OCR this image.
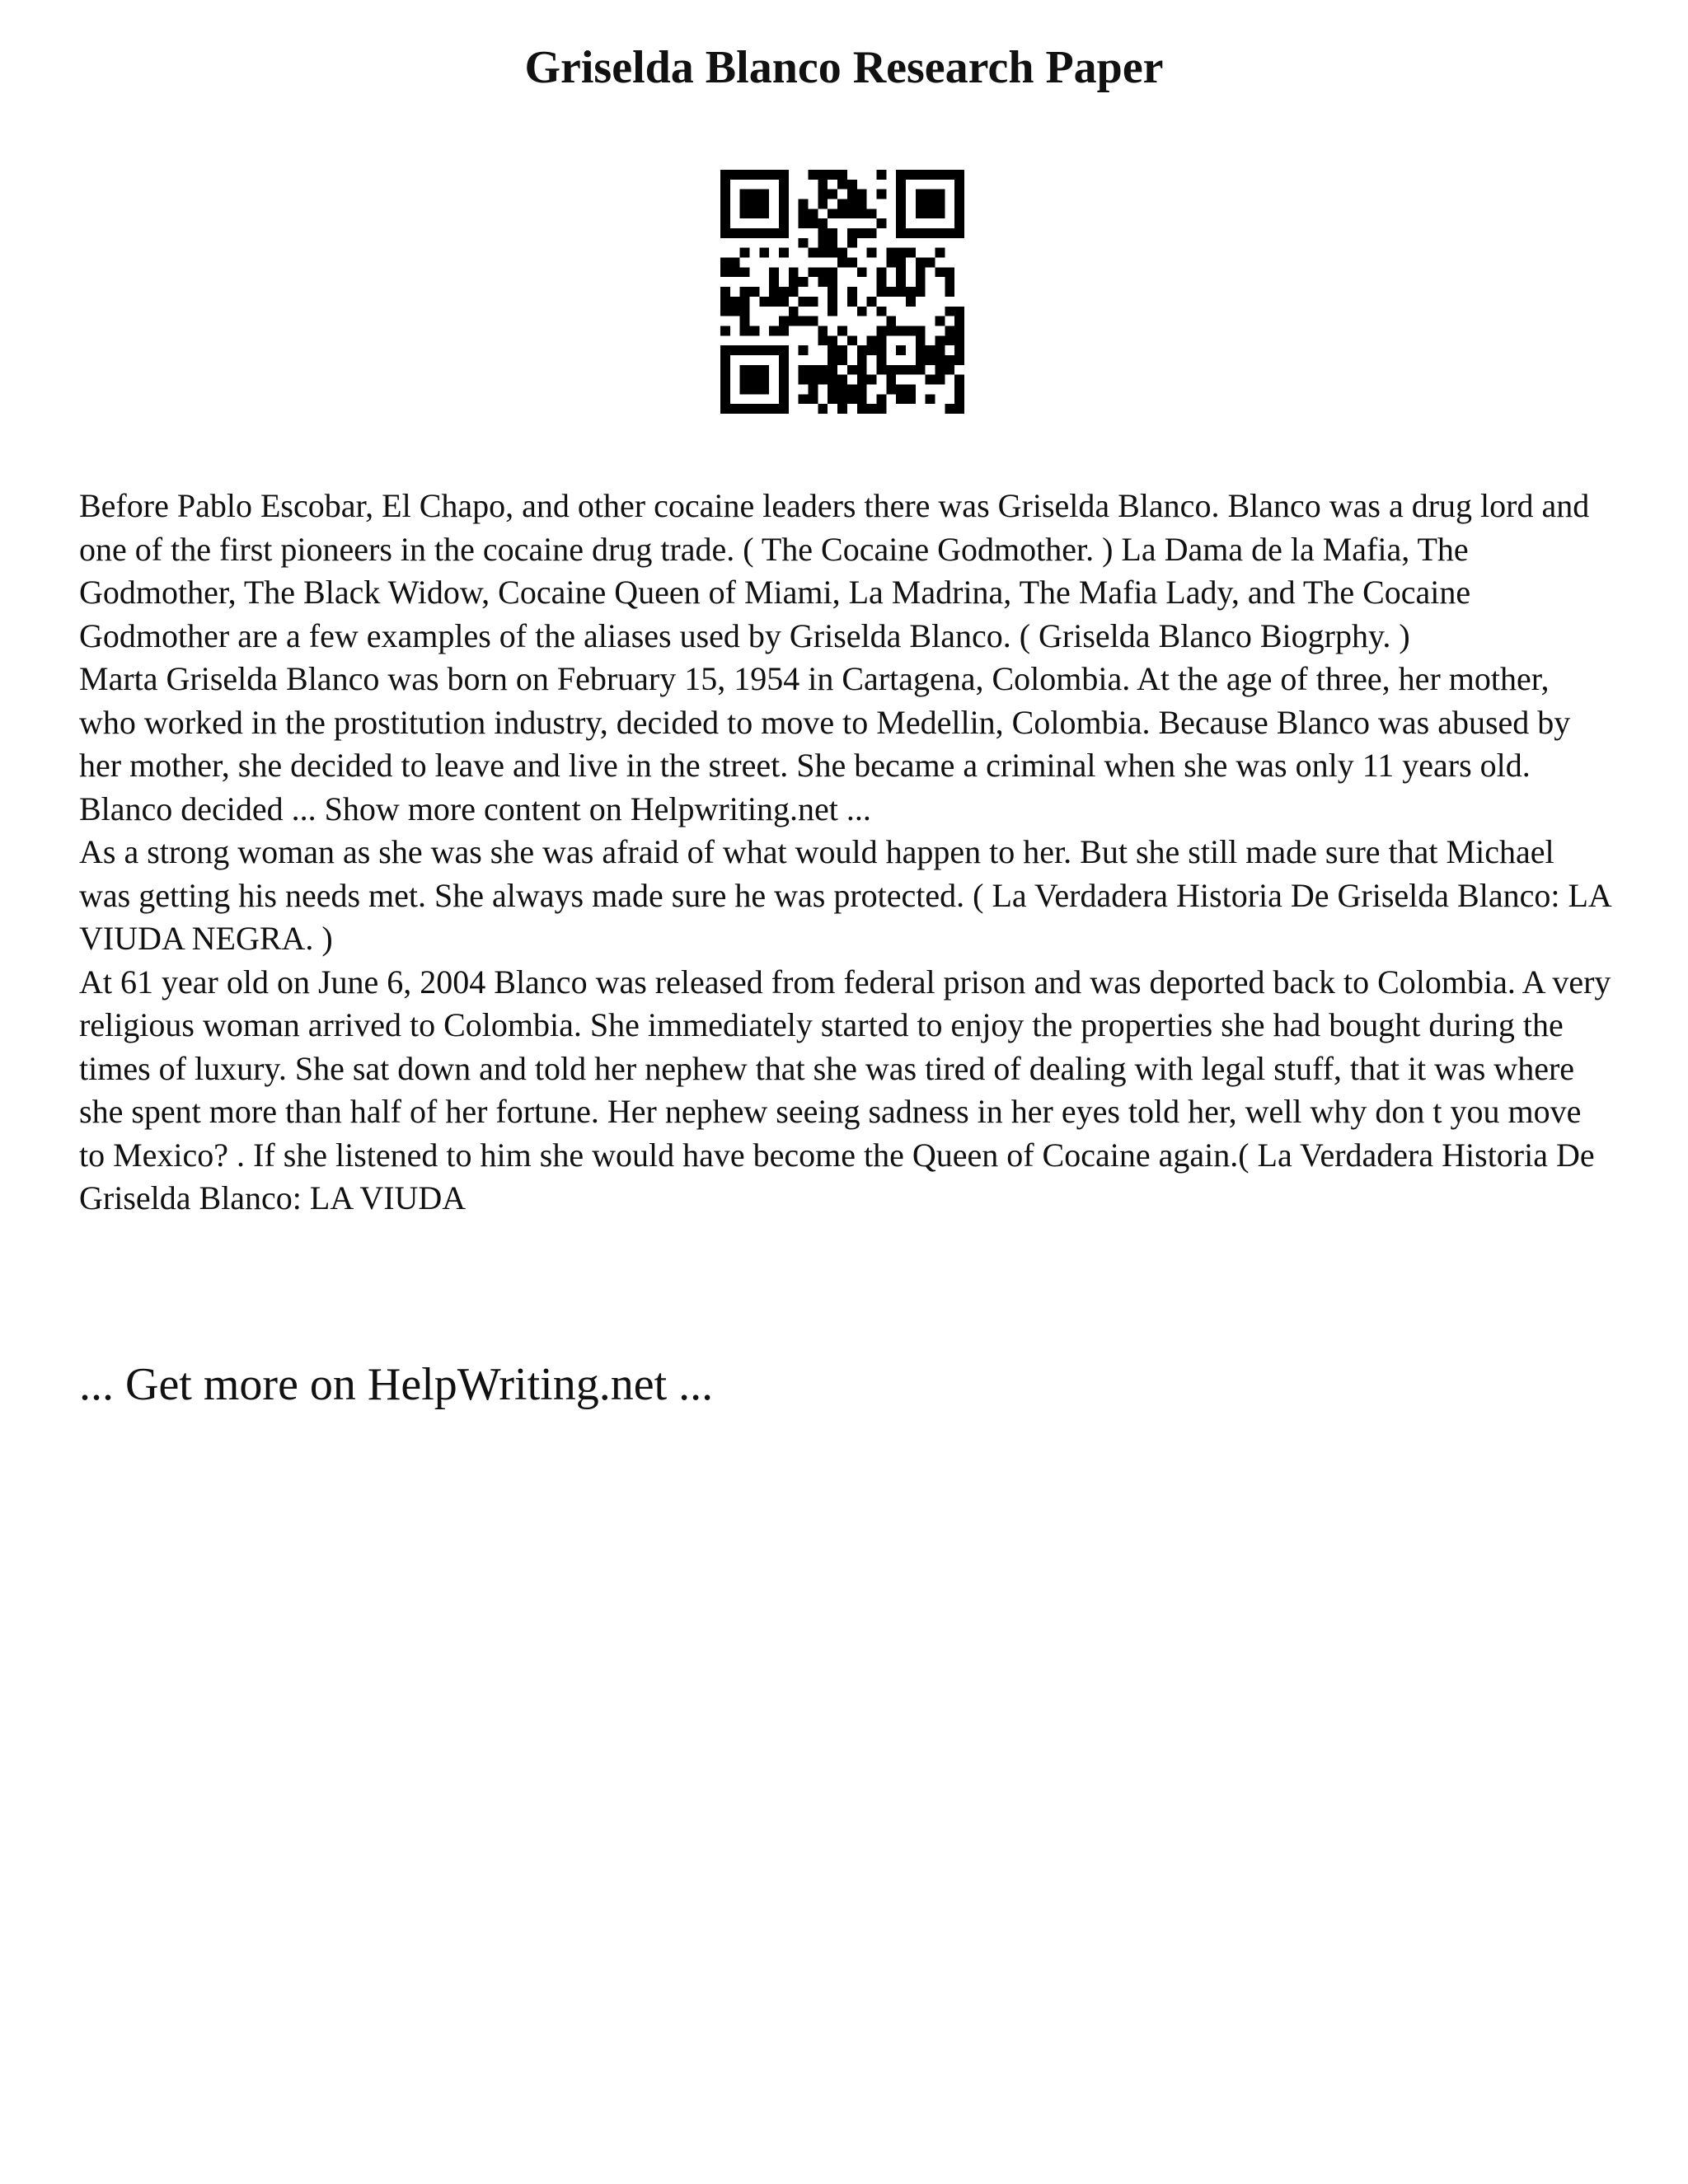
Griselda Blanco Research Paper

Before Pablo Escobar, El Chapo, and other cocaine leaders there was Griselda Blanco. Blanco was a drug lord and one of the first pioneers in the cocaine drug trade. ( The Cocaine Godmother. ) La Dama de la Mafia, The Godmother, The Black Widow, Cocaine Queen of Miami, La Madrina, The Mafia Lady, and The Cocaine Godmother are a few examples of the aliases used by Griselda Blanco. ( Griselda Blanco Biogrphy. )

Marta Griselda Blanco was born on February 15, 1954 in Cartagena, Colombia. At the age of three, her mother, who worked in the prostitution industry, decided to move to Medellin, Colombia. Because Blanco was abused by her mother, she decided to leave and live in the street. She became a criminal when she was only 11 years old. Blanco decided ... Show more content on Helpwriting.net ...

As a strong woman as she was she was afraid of what would happen to her. But she still made sure that Michael was getting his needs met. She always made sure he was protected. ( La Verdadera Historia De Griselda Blanco: LA VIUDA NEGRA. )

At 61 year old on June 6, 2004 Blanco was released from federal prison and was deported back to Colombia. A very religious woman arrived to Colombia. She immediately started to enjoy the properties she had bought during the times of luxury. She sat down and told her nephew that she was tired of dealing with legal stuff, that it was where she spent more than half of her fortune. Her nephew seeing sadness in her eyes told her, well why don t you move to Mexico? . If she listened to him she would have become the Queen of Cocaine again.( La Verdadera Historia De Griselda Blanco: LA VIUDA

... Get more on HelpWriting.net ...
